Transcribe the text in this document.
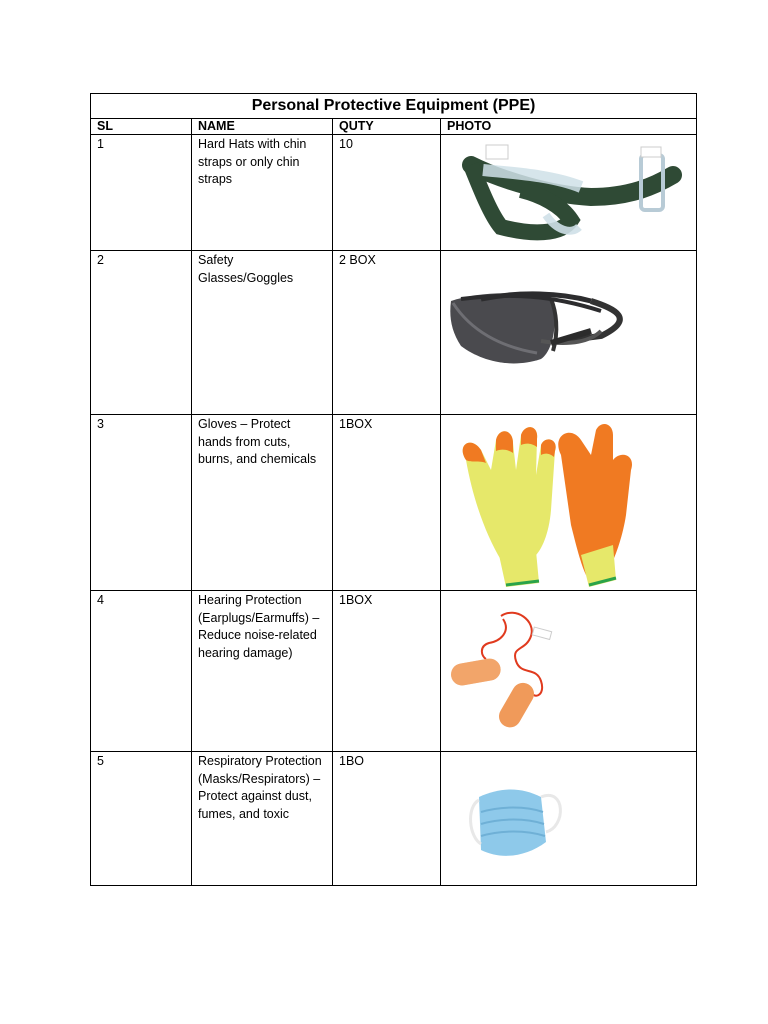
Personal Protective Equipment (PPE)			
SL	NAME	QUTY	PHOTO
1	Hard Hats with chin straps or only chin straps	10	

2	Safety Glasses/Goggles	2 BOX	

3	Gloves – Protect hands from cuts, burns, and chemicals	1BOX	

4	Hearing Protection (Earplugs/Earmuffs) – Reduce noise-related hearing damage)	1BOX	

5	Respiratory Protection (Masks/Respirators) – Protect against dust, fumes, and toxic	1BO	
